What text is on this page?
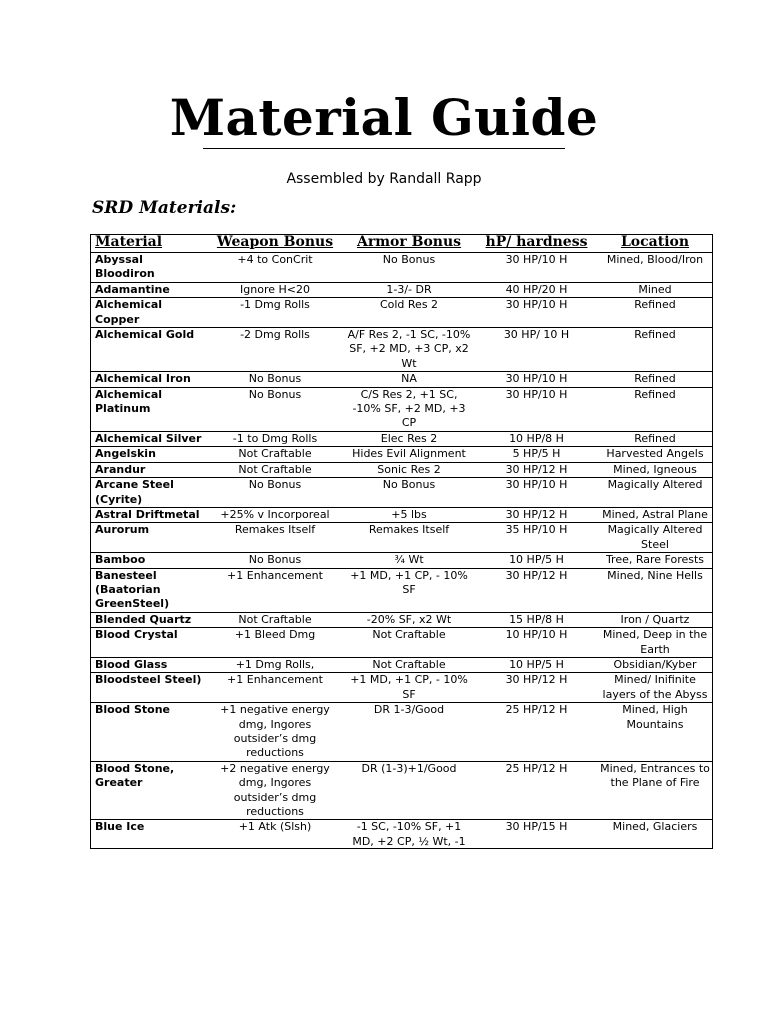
Material Guide
Assembled by Randall Rapp
SRD Materials:
Material	Weapon Bonus	Armor Bonus	hP/ hardness	Location
Abyssal Bloodiron	+4 to ConCrit	No Bonus	30 HP/10 H	Mined, Blood/Iron
Adamantine	Ignore H<20	1-3/- DR	40 HP/20 H	Mined
Alchemical Copper	-1 Dmg Rolls	Cold Res 2	30 HP/10 H	Refined
Alchemical Gold	-2 Dmg Rolls	A/F Res 2, -1 SC, -10% SF, +2 MD, +3 CP, x2 Wt	30 HP/ 10 H	Refined
Alchemical Iron	No Bonus	NA	30 HP/10 H	Refined
Alchemical Platinum	No Bonus	C/S Res 2, +1 SC, -10% SF, +2 MD, +3 CP	30 HP/10 H	Refined
Alchemical Silver	-1 to Dmg Rolls	Elec Res 2	10 HP/8 H	Refined
Angelskin	Not Craftable	Hides Evil Alignment	5 HP/5 H	Harvested Angels
Arandur	Not Craftable	Sonic Res 2	30 HP/12 H	Mined, Igneous
Arcane Steel (Cyrite)	No Bonus	No Bonus	30 HP/10 H	Magically Altered
Astral Driftmetal	+25% v Incorporeal	+5 lbs	30 HP/12 H	Mined, Astral Plane
Aurorum	Remakes Itself	Remakes Itself	35 HP/10 H	Magically Altered Steel
Bamboo	No Bonus	¾ Wt	10 HP/5 H	Tree, Rare Forests
Banesteel (Baatorian GreenSteel)	+1 Enhancement	+1 MD, +1 CP, - 10% SF	30 HP/12 H	Mined, Nine Hells
Blended Quartz	Not Craftable	-20% SF, x2 Wt	15 HP/8 H	Iron / Quartz
Blood Crystal	+1 Bleed Dmg	Not Craftable	10 HP/10 H	Mined, Deep in the Earth
Blood Glass	+1 Dmg Rolls,	Not Craftable	10 HP/5 H	Obsidian/Kyber
Bloodsteel Steel)	+1 Enhancement	+1 MD, +1 CP, - 10% SF	30 HP/12 H	Mined/ Inifinite layers of the Abyss
Blood Stone	+1 negative energy dmg, Ingores outsider’s dmg reductions	DR 1-3/Good	25 HP/12 H	Mined, High Mountains
Blood Stone, Greater	+2 negative energy dmg, Ingores outsider’s dmg reductions	DR (1-3)+1/Good	25 HP/12 H	Mined, Entrances to the Plane of Fire
Blue Ice	+1 Atk (Slsh)	-1 SC, -10% SF, +1 MD, +2 CP, ½ Wt, -1	30 HP/15 H	Mined, Glaciers
